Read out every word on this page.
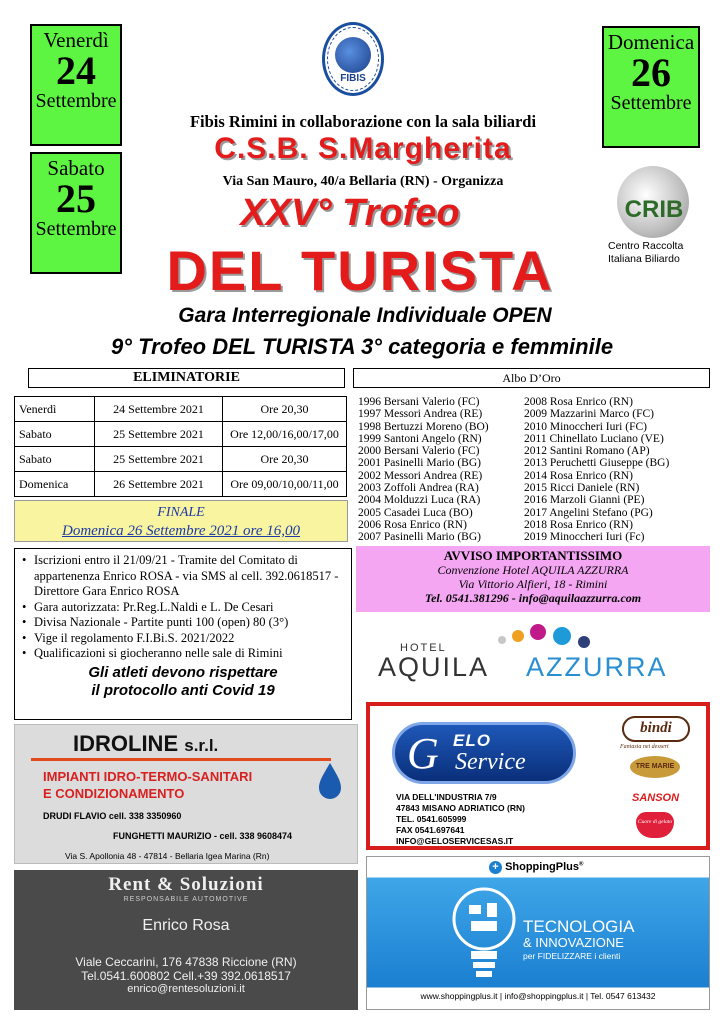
Venerdì
24
Settembre
Sabato
25
Settembre
Domenica
26
Settembre
FIBIS
Fibis Rimini in collaborazione con la sala biliardi
C.S.B. S.Margherita
Via San Mauro, 40/a Bellaria (RN) - Organizza
XXV° Trofeo
DEL TURISTA
Gara Interregionale Individuale OPEN
9° Trofeo DEL TURISTA 3° categoria e femminile
CRIB
Centro Raccolta
Italiana Biliardo
ELIMINATORIE
Venerdì	24 Settembre 2021	Ore 20,30
Sabato	25 Settembre 2021	Ore 12,00/16,00/17,00
Sabato	25 Settembre 2021	Ore 20,30
Domenica	26 Settembre 2021	Ore 09,00/10,00/11,00
Albo D’Oro
1996 Bersani Valerio (FC)
1997 Messori Andrea (RE)
1998 Bertuzzi Moreno (BO)
1999 Santoni Angelo (RN)
2000 Bersani Valerio (FC)
2001 Pasinelli Mario (BG)
2002 Messori Andrea (RE)
2003 Zoffoli Andrea (RA)
2004 Molduzzi Luca (RA)
2005 Casadei Luca (BO)
2006 Rosa Enrico (RN)
2007 Pasinelli Mario (BG)
2008 Rosa Enrico (RN)
2009 Mazzarini Marco (FC)
2010 Minoccheri Iuri (FC)
2011 Chinellato Luciano (VE)
2012 Santini Romano (AP)
2013 Peruchetti Giuseppe (BG)
2014 Rosa Enrico (RN)
2015 Ricci Daniele (RN)
2016 Marzoli Gianni (PE)
2017 Angelini Stefano (PG)
2018 Rosa Enrico (RN)
2019 Minoccheri Iuri (Fc)
FINALE
Domenica 26 Settembre 2021 ore 16,00
• Iscrizioni entro il 21/09/21 - Tramite del Comitato di appartenenza Enrico ROSA - via SMS al cell. 392.0618517 - Direttore Gara Enrico ROSA
• Gara autorizzata: Pr.Reg.L.Naldi e L. De Cesari
• Divisa Nazionale - Partite punti 100 (open) 80 (3°)
• Vige il regolamento F.I.Bi.S. 2021/2022
• Qualificazioni si giocheranno nelle sale di Rimini
Gli atleti devono rispettare
il protocollo anti Covid 19
AVVISO IMPORTANTISSIMO
Convenzione Hotel AQUILA AZZURRA
Via Vittorio Alfieri, 18 - Rimini
Tel. 0541.381296 - info@aquilaazzurra.com
HOTEL
AQUILA AZZURRA
IDROLINE s.r.l.
IMPIANTI IDRO-TERMO-SANITARI
E CONDIZIONAMENTO
DRUDI FLAVIO cell. 338 3350960
FUNGHETTI MAURIZIO - cell. 338 9608474
Via S. Apollonia 48 - 47814 - Bellaria Igea Marina (Rn)
Rent & Soluzioni
RESPONSABILE AUTOMOTIVE
Enrico Rosa
Viale Ceccarini, 176 47838 Riccione (RN)
Tel.0541.600802 Cell.+39 392.0618517
enrico@rentesoluzioni.it
G ELO
Service
VIA DELL'INDUSTRIA 7/9
47843 MISANO ADRIATICO (RN)
TEL. 0541.605999
FAX 0541.697641
INFO@GELOSERVICESAS.IT
bindi
Fantasia nei dessert
TRE MARIE
SANSON
Cuore di gelato
+ ShoppingPlus®
TECNOLOGIA
& INNOVAZIONE
per FIDELIZZARE i clienti
www.shoppingplus.it | info@shoppingplus.it | Tel. 0547 613432
